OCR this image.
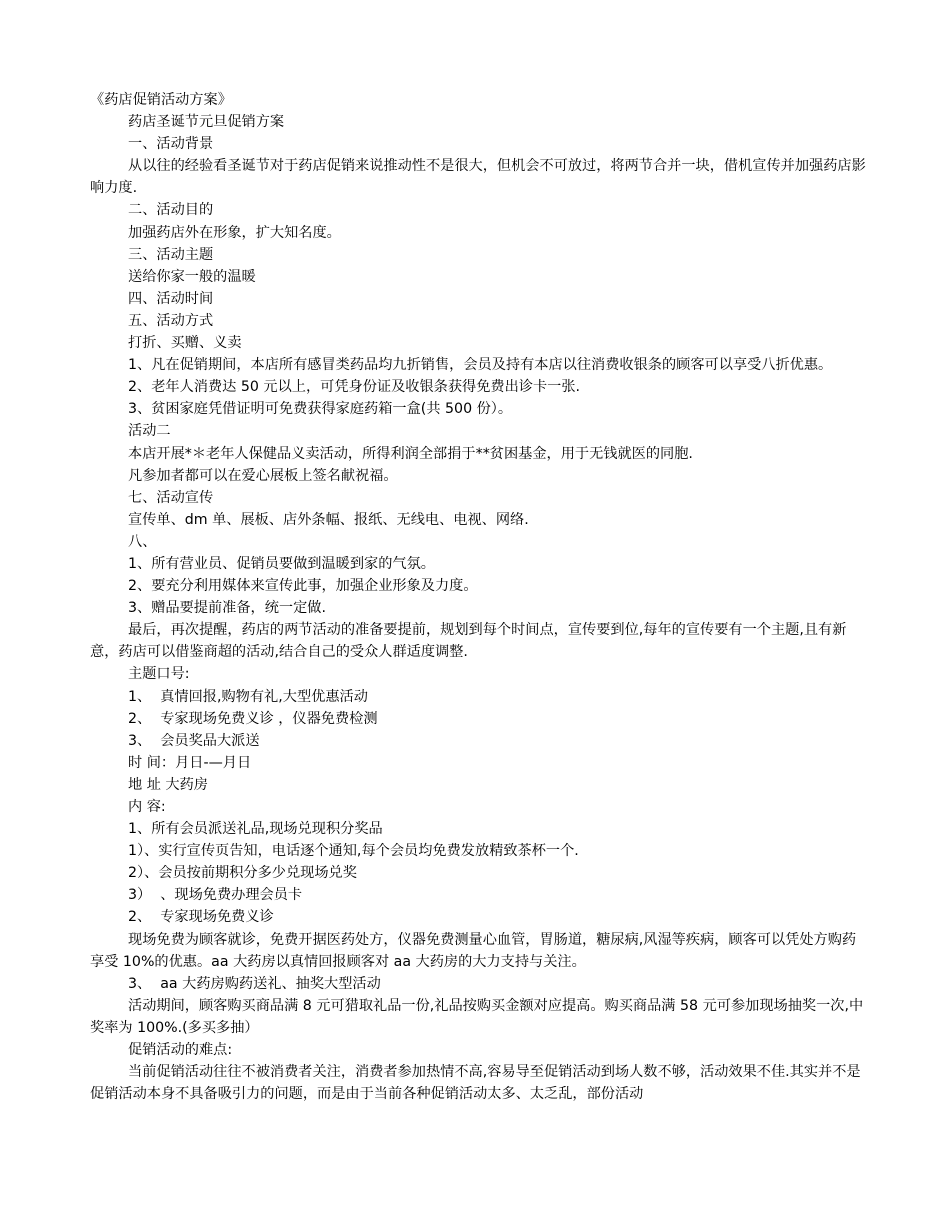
《药店促销活动方案》

药店圣诞节元旦促销方案

一、活动背景

从以往的经验看圣诞节对于药店促销来说推动性不是很大，但机会不可放过，将两节合并一块，借机宣传并加强药店影响力度.

二、活动目的

加强药店外在形象，扩大知名度。

三、活动主题

送给你家一般的温暖

四、活动时间

五、活动方式

打折、买赠、义卖

1、凡在促销期间，本店所有感冒类药品均九折销售，会员及持有本店以往消费收银条的顾客可以享受八折优惠。

2、老年人消费达 50 元以上，可凭身份证及收银条获得免费出诊卡一张.

3、贫困家庭凭借证明可免费获得家庭药箱一盒(共 500 份）。

活动二

本店开展*＊老年人保健品义卖活动，所得利润全部捐于**贫困基金，用于无钱就医的同胞.

凡参加者都可以在爱心展板上签名献祝福。

七、活动宣传

宣传单、dm 单、展板、店外条幅、报纸、无线电、电视、网络.

八、

1、所有营业员、促销员要做到温暖到家的气氛。

2、要充分利用媒体来宣传此事，加强企业形象及力度。

3、赠品要提前准备，统一定做.

最后，再次提醒，药店的两节活动的准备要提前，规划到每个时间点，宣传要到位,每年的宣传要有一个主题,且有新意，药店可以借鉴商超的活动,结合自己的受众人群适度调整.

主题口号:

1、  真情回报,购物有礼,大型优惠活动

2、  专家现场免费义诊 ，仪器免费检测

3、  会员奖品大派送

时 间：月日-—月日

地 址 大药房

内 容:

1、所有会员派送礼品,现场兑现积分奖品

1）、实行宣传页告知，电话逐个通知,每个会员均免费发放精致茶杯一个.

2）、会员按前期积分多少兑现场兑奖

3）  、现场免费办理会员卡

2、  专家现场免费义诊

现场免费为顾客就诊，免费开据医药处方，仪器免费测量心血管，胃肠道，糖尿病,风湿等疾病，顾客可以凭处方购药享受 10%的优惠。aa 大药房以真情回报顾客对 aa 大药房的大力支持与关注。

3、  aa 大药房购药送礼、抽奖大型活动

活动期间，顾客购买商品满 8 元可猎取礼品一份,礼品按购买金额对应提高。购买商品满 58 元可参加现场抽奖一次,中奖率为 100%.(多买多抽）

促销活动的难点:

当前促销活动往往不被消费者关注，消费者参加热情不高,容易导至促销活动到场人数不够，活动效果不佳.其实并不是促销活动本身不具备吸引力的问题，而是由于当前各种促销活动太多、太乏乱，部份活动
